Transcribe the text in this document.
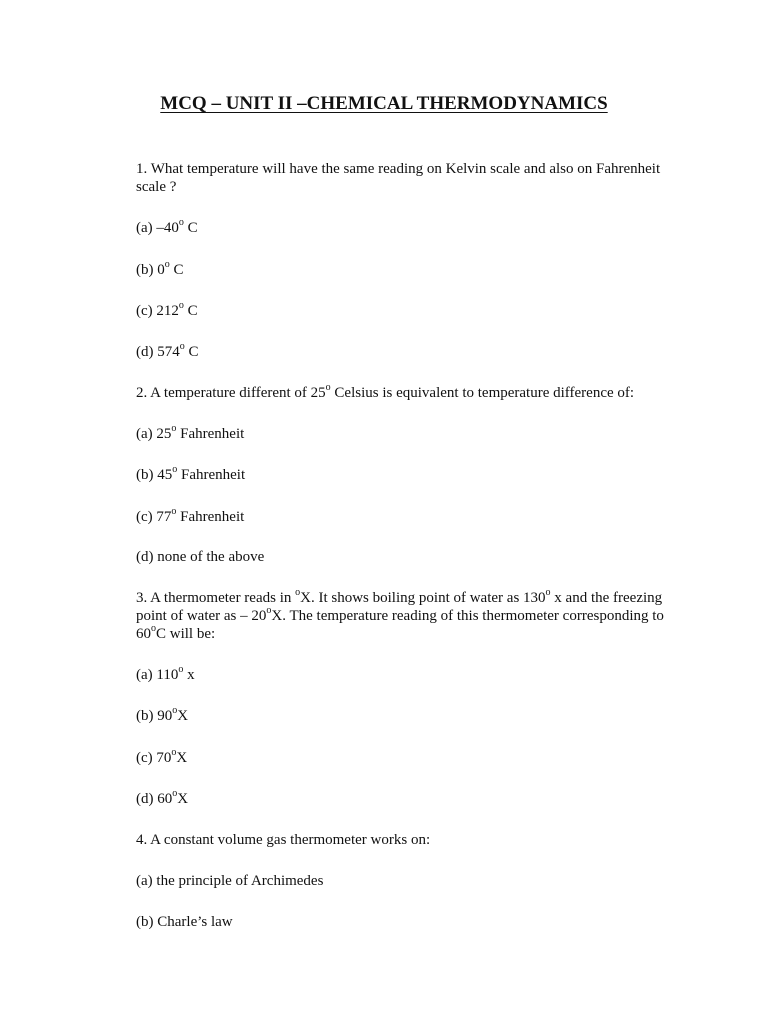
MCQ – UNIT II –CHEMICAL THERMODYNAMICS
1. What temperature will have the same reading on Kelvin scale and also on Fahrenheit
scale ?
(a) –40$^o$ C
(b) 0$^o$ C
(c) 212$^o$ C
(d) 574$^o$ C
2. A temperature different of 25$^o$ Celsius is equivalent to temperature difference of:
(a) 25$^o$ Fahrenheit
(b) 45$^o$ Fahrenheit
(c) 77$^o$ Fahrenheit
(d) none of the above
3. A thermometer reads in $^o$X. It shows boiling point of water as 130$^o$ x and the freezing
point of water as – 20$^o$X. The temperature reading of this thermometer corresponding to
60$^o$C will be:
(a) 110$^o$ x
(b) 90$^o$X
(c) 70$^o$X
(d) 60$^o$X
4. A constant volume gas thermometer works on:
(a) the principle of Archimedes
(b) Charle’s law
